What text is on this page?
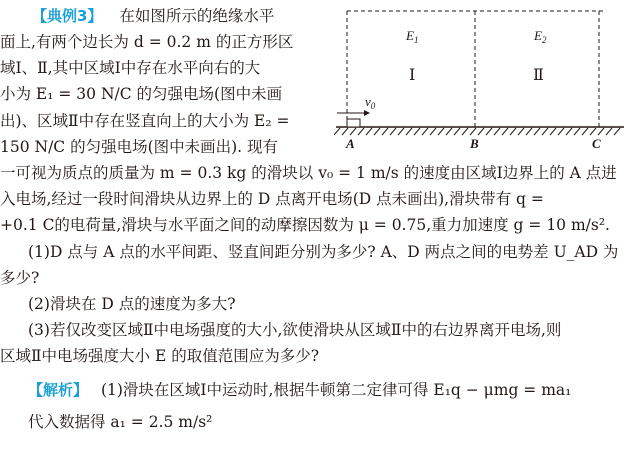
$v_0$
$E_1$	$E_2$
Ⅰ	Ⅱ
A	B	C
【典例3】 在如图所示的绝缘水平
面上,有两个边长为 d = 0.2 m 的正方形区
域Ⅰ、Ⅱ,其中区域Ⅰ中存在水平向右的大
小为 E₁ = 30 N/C 的匀强电场(图中未画
出)、区域Ⅱ中存在竖直向上的大小为 E₂ =
150 N/C 的匀强电场(图中未画出). 现有
一可视为质点的质量为 m = 0.3 kg 的滑块以 v₀ = 1 m/s 的速度由区域Ⅰ边界上的 A 点进
入电场,经过一段时间滑块从边界上的 D 点离开电场(D 点未画出),滑块带有 q =
+0.1 C的电荷量,滑块与水平面之间的动摩擦因数为 μ = 0.75,重力加速度 g = 10 m/s².
(1)D 点与 A 点的水平间距、竖直间距分别为多少? A、D 两点之间的电势差 U_AD 为
多少?
(2)滑块在 D 点的速度为多大?
(3)若仅改变区域Ⅱ中电场强度的大小,欲使滑块从区域Ⅱ中的右边界离开电场,则
区域Ⅱ中电场强度大小 E 的取值范围应为多少?
【解析】 (1)滑块在区域Ⅰ中运动时,根据牛顿第二定律可得 E₁q − μmg = ma₁
代入数据得 a₁ = 2.5 m/s²
